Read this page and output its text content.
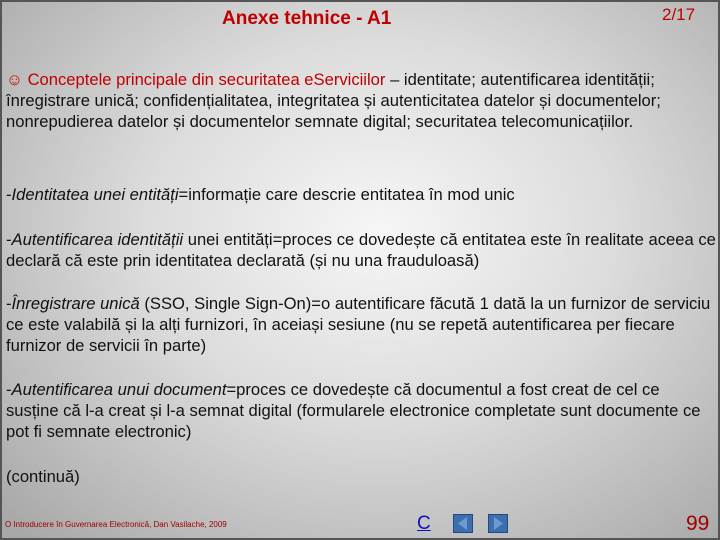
Anexe tehnice - A1	2/17
☺ Conceptele principale din securitatea eServiciilor – identitate; autentificarea identității; înregistrare unică; confidențialitatea, integritatea și autenticitatea datelor și documentelor; nonrepudierea datelor și documentelor semnate digital; securitatea telecomunicațiilor.
-Identitatea unei entități=informație care descrie entitatea în mod unic
-Autentificarea identității unei entități=proces ce dovedește că entitatea este în realitate aceea ce declară că este prin identitatea declarată (și nu una frauduloasă)
-Înregistrare unică (SSO, Single Sign-On)=o autentificare făcută 1 dată la un furnizor de serviciu ce este valabilă și la alți furnizori, în aceiași sesiune (nu se repetă autentificarea per fiecare furnizor de servicii în parte)
-Autentificarea unui document=proces ce dovedește că documentul a fost creat de cel ce susține că l-a creat și l-a semnat digital (formularele electronice completate sunt documente ce pot fi semnate electronic)
(continuă)
O Introducere în Guvernarea Electronică, Dan Vasilache, 2009	C	99
